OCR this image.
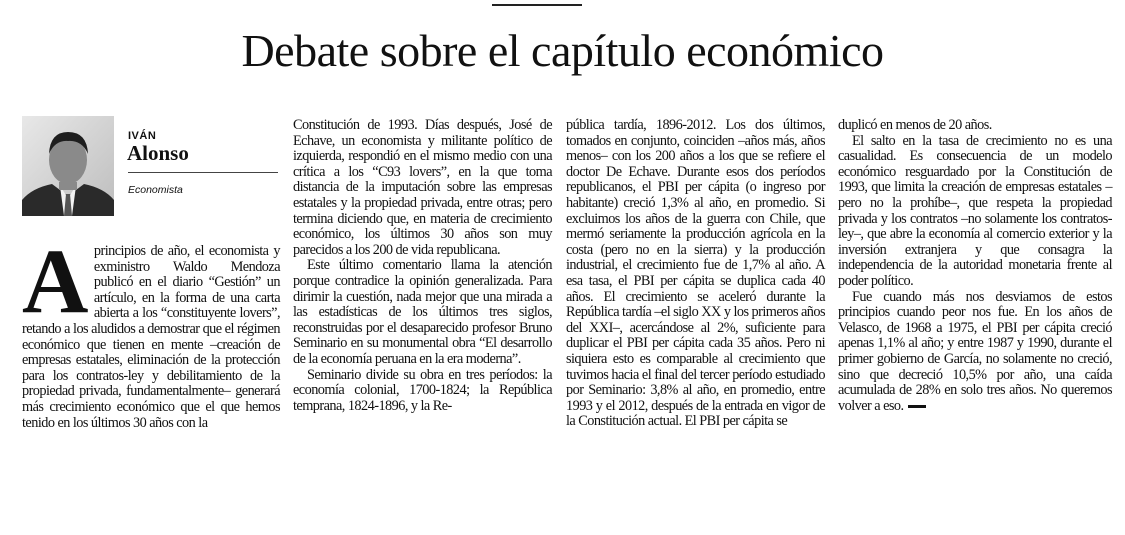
Debate sobre el capítulo económico
IVÁN
Alonso
Economista

Aprincipios de año, el economista y exministro Waldo Mendoza publicó en el diario “Gestión” un artículo, en la forma de una carta abierta a los “constituyente lovers”, retando a los aludidos a demostrar que el régimen económico que tienen en mente –creación de empresas estatales, eliminación de la protección para los contratos-ley y debilitamiento de la propiedad privada, fundamentalmente– generará más crecimiento económico que el que hemos tenido en los últimos 30 años con la

Constitución de 1993. Días después, José de Echave, un economista y militante político de izquierda, respondió en el mismo medio con una crítica a los “C93 lovers”, en la que toma distancia de la imputación sobre las empresas estatales y la propiedad privada, entre otras; pero termina diciendo que, en materia de crecimiento económico, los últimos 30 años son muy parecidos a los 200 de vida republicana.

Este último comentario llama la atención porque contradice la opinión generalizada. Para dirimir la cuestión, nada mejor que una mirada a las estadísticas de los últimos tres siglos, reconstruidas por el desaparecido profesor Bruno Seminario en su monumental obra “El desarrollo de la economía peruana en la era moderna”.

Seminario divide su obra en tres períodos: la economía colonial, 1700-1824; la República temprana, 1824-1896, y la Re-

pública tardía, 1896-2012. Los dos últimos, tomados en conjunto, coinciden –años más, años menos– con los 200 años a los que se refiere el doctor De Echave. Durante esos dos períodos republicanos, el PBI per cápita (o ingreso por habitante) creció 1,3% al año, en promedio. Si excluimos los años de la guerra con Chile, que mermó seriamente la producción agrícola en la costa (pero no en la sierra) y la producción industrial, el crecimiento fue de 1,7% al año. A esa tasa, el PBI per cápita se duplica cada 40 años. El crecimiento se aceleró durante la República tardía –el siglo XX y los primeros años del XXI–, acercándose al 2%, suficiente para duplicar el PBI per cápita cada 35 años. Pero ni siquiera esto es comparable al crecimiento que tuvimos hacia el final del tercer período estudiado por Seminario: 3,8% al año, en promedio, entre 1993 y el 2012, después de la entrada en vigor de la Constitución actual. El PBI per cápita se

duplicó en menos de 20 años.

El salto en la tasa de crecimiento no es una casualidad. Es consecuencia de un modelo económico resguardado por la Constitución de 1993, que limita la creación de empresas estatales –pero no la prohíbe–, que respeta la propiedad privada y los contratos –no solamente los contratos-ley–, que abre la economía al comercio exterior y la inversión extranjera y que consagra la independencia de la autoridad monetaria frente al poder político.

Fue cuando más nos desviamos de estos principios cuando peor nos fue. En los años de Velasco, de 1968 a 1975, el PBI per cápita creció apenas 1,1% al año; y entre 1987 y 1990, durante el primer gobierno de García, no solamente no creció, sino que decreció 10,5% por año, una caída acumulada de 28% en solo tres años. No queremos volver a eso.
